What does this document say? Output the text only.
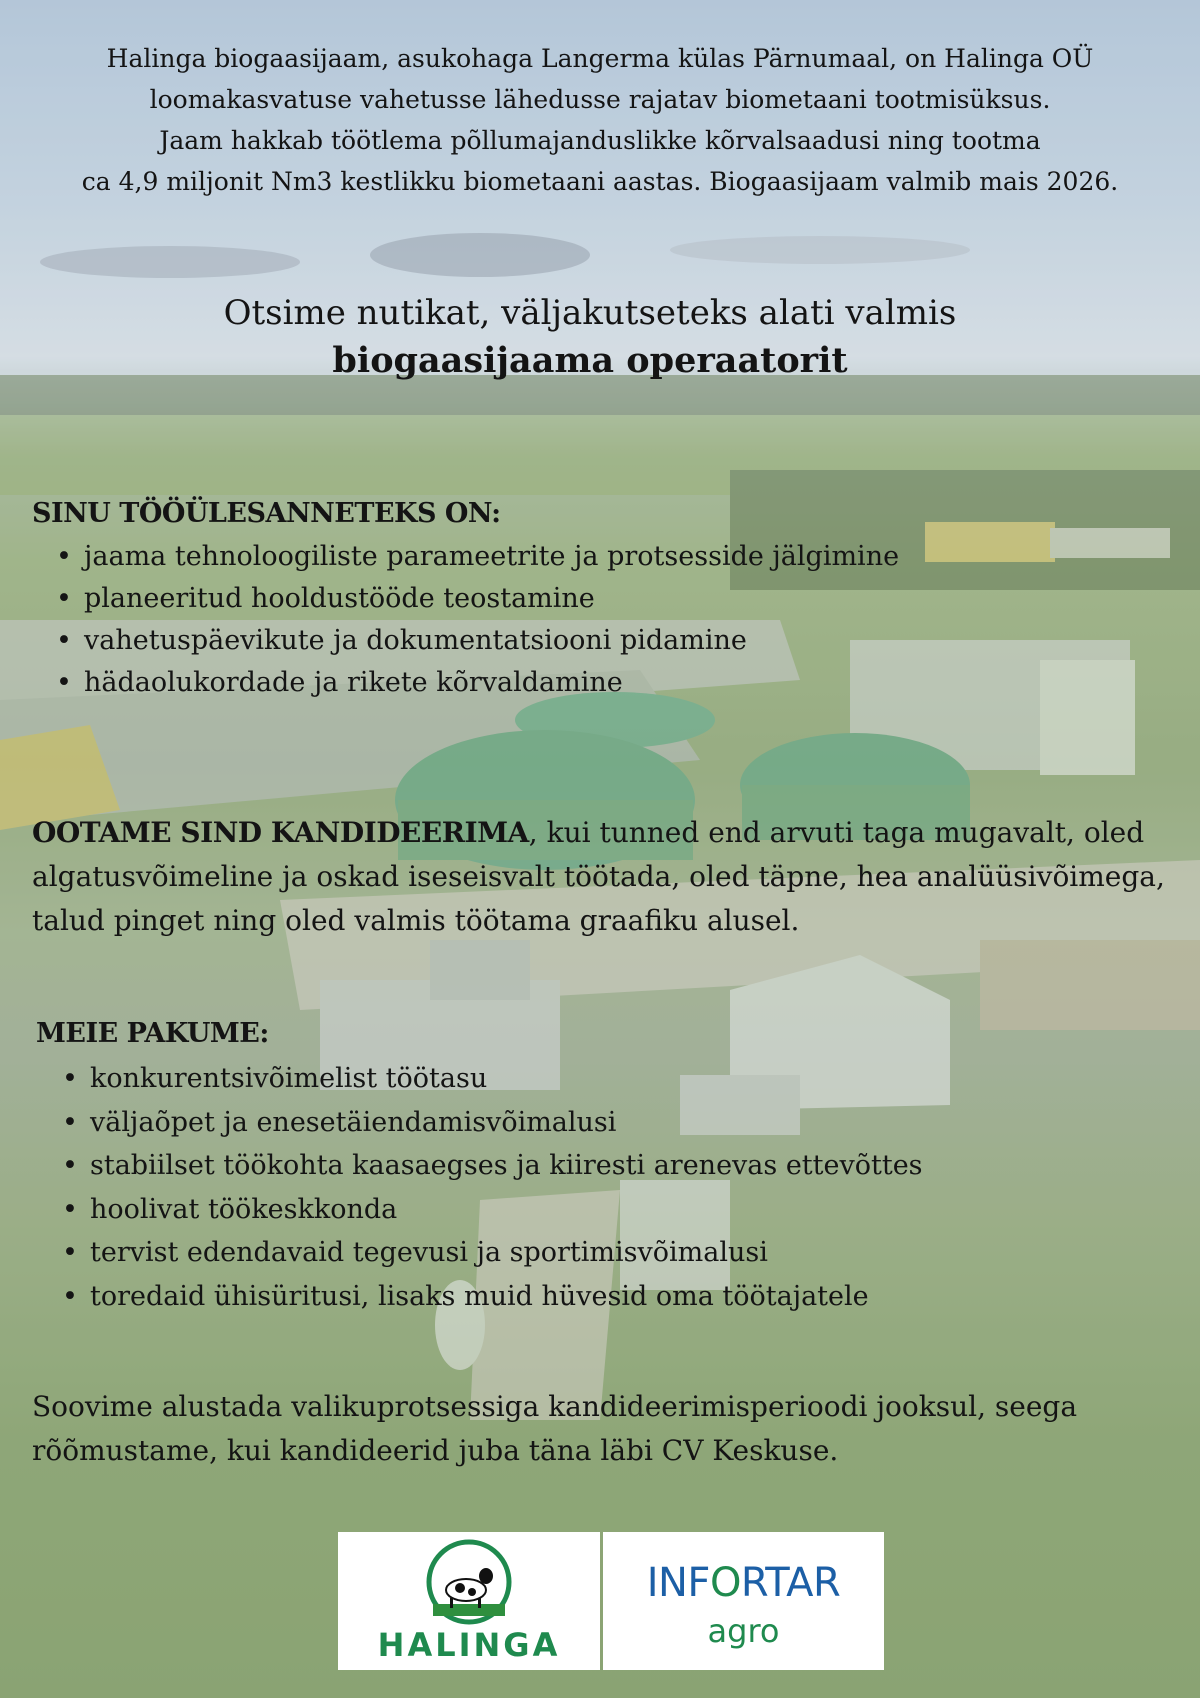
Halinga biogaasijaam, asukohaga Langerma külas Pärnumaal, on Halinga OÜ
loomakasvatuse vahetusse lähedusse rajatav biometaani tootmisüksus.
Jaam hakkab töötlema põllumajanduslikke kõrvalsaadusi ning tootma
ca 4,9 miljonit Nm3 kestlikku biometaani aastas. Biogaasijaam valmib mais 2026.

Otsime nutikat, väljakutseteks alati valmis
biogaasijaama operaatorit
SINU TÖÖÜLESANNETEKS ON:
• jaama tehnoloogiliste parameetrite ja protsesside jälgimine
• planeeritud hooldustööde teostamine
• vahetuspäevikute ja dokumentatsiooni pidamine
• hädaolukordade ja rikete kõrvaldamine

OOTAME SIND KANDIDEERIMA, kui tunned end arvuti taga mugavalt, oled algatusvõimeline ja oskad iseseisvalt töötada, oled täpne, hea analüüsivõimega, talud pinget ning oled valmis töötama graafiku alusel.

MEIE PAKUME:
• konkurentsivõimelist töötasu
• väljaõpet ja enesetäiendamisvõimalusi
• stabiilset töökohta kaasaegses ja kiiresti arenevas ettevõttes
• hoolivat töökeskkonda
• tervist edendavaid tegevusi ja sportimisvõimalusi
• toredaid ühisüritusi, lisaks muid hüvesid oma töötajatele

Soovime alustada valikuprotsessiga kandideerimisperioodi jooksul, seega rõõmustame, kui kandideerid juba täna läbi CV Keskuse.

HALINGA
INFORTAR
agro
